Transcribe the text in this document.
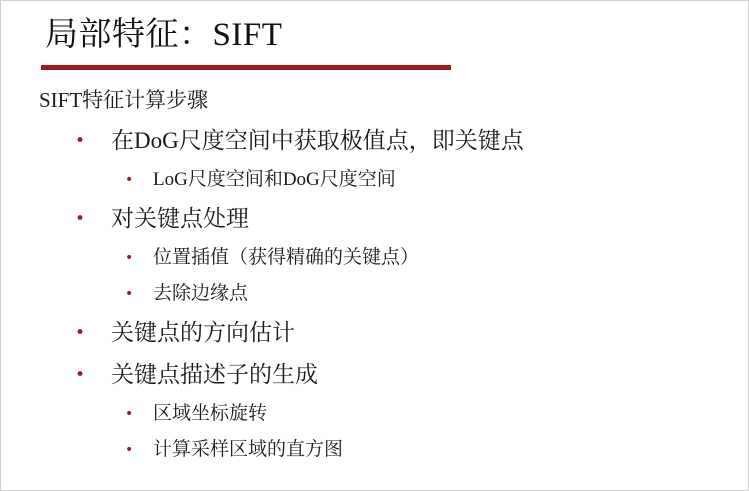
局部特征：SIFT
SIFT特征计算步骤
• 在DoG尺度空间中获取极值点，即关键点
• LoG尺度空间和DoG尺度空间
• 对关键点处理
• 位置插值（获得精确的关键点）
• 去除边缘点
• 关键点的方向估计
• 关键点描述子的生成
• 区域坐标旋转
• 计算采样区域的直方图
